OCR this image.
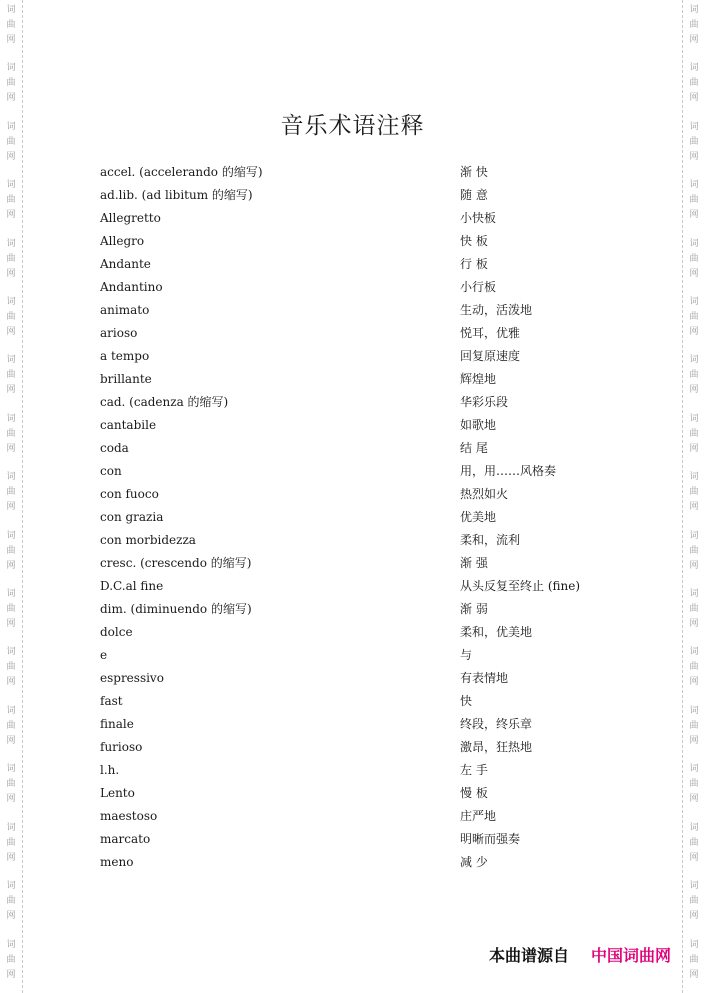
词
曲
网
词
曲
网
词
曲
网
词
曲
网
词
曲
网
词
曲
网
词
曲
网
词
曲
网
词
曲
网
词
曲
网
词
曲
网
词
曲
网
词
曲
网
词
曲
网
词
曲
网
词
曲
网
词
曲
网
词
曲
网
词
曲
网
词
曲
网
词
曲
网
词
曲
网
词
曲
网
词
曲
网
词
曲
网
词
曲
网
词
曲
网
词
曲
网
词
曲
网
词
曲
网
词
曲
网
词
曲
网
词
曲
网
词
曲
网
音乐术语注释
accel. (accelerando 的缩写)	渐 快
ad.lib. (ad libitum 的缩写)	随 意
Allegretto	小快板
Allegro	快 板
Andante	行 板
Andantino	小行板
animato	生动，活泼地
arioso	悦耳，优雅
a tempo	回复原速度
brillante	辉煌地
cad. (cadenza 的缩写)	华彩乐段
cantabile	如歌地
coda	结 尾
con	用，用……风格奏
con fuoco	热烈如火
con grazia	优美地
con morbidezza	柔和，流利
cresc. (crescendo 的缩写)	渐 强
D.C.al fine	从头反复至终止 (fine)
dim. (diminuendo 的缩写)	渐 弱
dolce	柔和，优美地
e	与
espressivo	有表情地
fast	快
finale	终段，终乐章
furioso	激昂，狂热地
l.h.	左 手
Lento	慢 板
maestoso	庄严地
marcato	明晰而强奏
meno	减 少
本曲谱源自 中国词曲网
